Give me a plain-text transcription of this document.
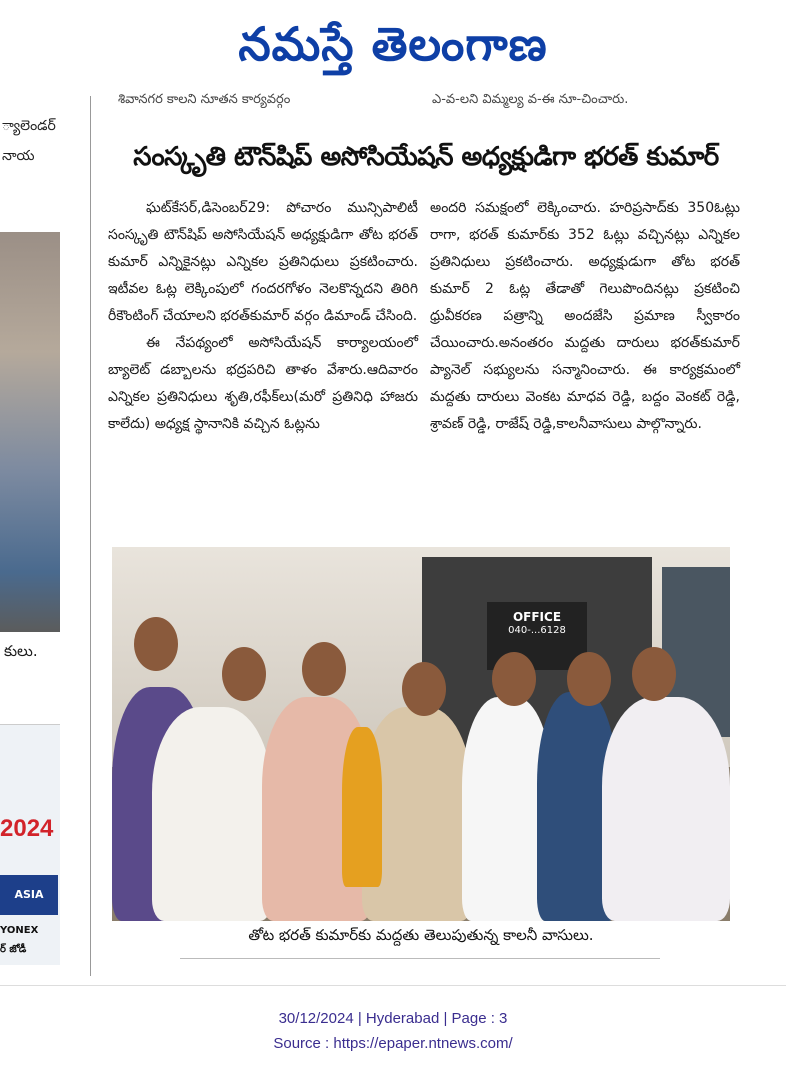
నమస్తే తెలంగాణ
శివానగర కాలని నూతన కార్యవర్గం	ఎ-వ-లని విమ్మల్య వ-ఈ నూ-చించారు.
్యాలెండర్
నాయ
కులు.
2024
ASIA
YONEX
ర్ జోడీ
సంస్కృతి టౌన్‌షిప్ అసోసియేషన్ అధ్యక్షుడిగా భరత్ కుమార్

ఘట్‌కేసర్,డిసెంబర్29: పోచారం మున్సిపాలిటీ సంస్కృతి టౌన్‌షిప్ అసోసియేషన్ అధ్యక్షుడిగా తోట భరత్ కుమార్ ఎన్నికైనట్లు ఎన్నికల ప్రతినిధులు ప్రకటించారు. ఇటీవల ఓట్ల లెక్కింపులో గందరగోళం నెలకొన్నదని తిరిగి రీకౌంటింగ్ చేయాలని భరత్‌కుమార్ వర్గం డిమాండ్ చేసింది.

ఈ నేపథ్యంలో అసోసియేషన్ కార్యాలయంలో బ్యాలెట్ డబ్బాలను భద్రపరిచి తాళం వేశారు.ఆదివారం ఎన్నికల ప్రతినిధులు శృతి,రఫీక్‌లు(మరో ప్రతినిధి హాజరు కాలేదు) అధ్యక్ష స్థానానికి వచ్చిన ఓట్లను

అందరి సమక్షంలో లెక్కించారు. హరిప్రసాద్‌కు 350ఓట్లు రాగా, భరత్ కుమార్‌కు 352 ఓట్లు వచ్చినట్లు ఎన్నికల ప్రతినిధులు ప్రకటించారు. అధ్యక్షుడుగా తోట భరత్ కుమార్ 2 ఓట్ల తేడాతో గెలుపొందినట్లు ప్రకటించి ధ్రువీకరణ పత్రాన్ని అందజేసి ప్రమాణ స్వీకారం చేయించారు.అనంతరం మద్దతు దారులు భరత్‌కుమార్ ప్యానెల్ సభ్యులను సన్మానించారు. ఈ కార్యక్రమంలో మద్దతు దారులు వెంకట మాధవ రెడ్డి, బద్దం వెంకట్ రెడ్డి, శ్రావణ్ రెడ్డి, రాజేష్ రెడ్డి,కాలనీవాసులు పాల్గొన్నారు.

OFFICE
040-...6128
తోట భరత్ కుమార్‌కు మద్దతు తెలుపుతున్న కాలనీ వాసులు.
30/12/2024 | Hyderabad | Page : 3
Source : https://epaper.ntnews.com/
